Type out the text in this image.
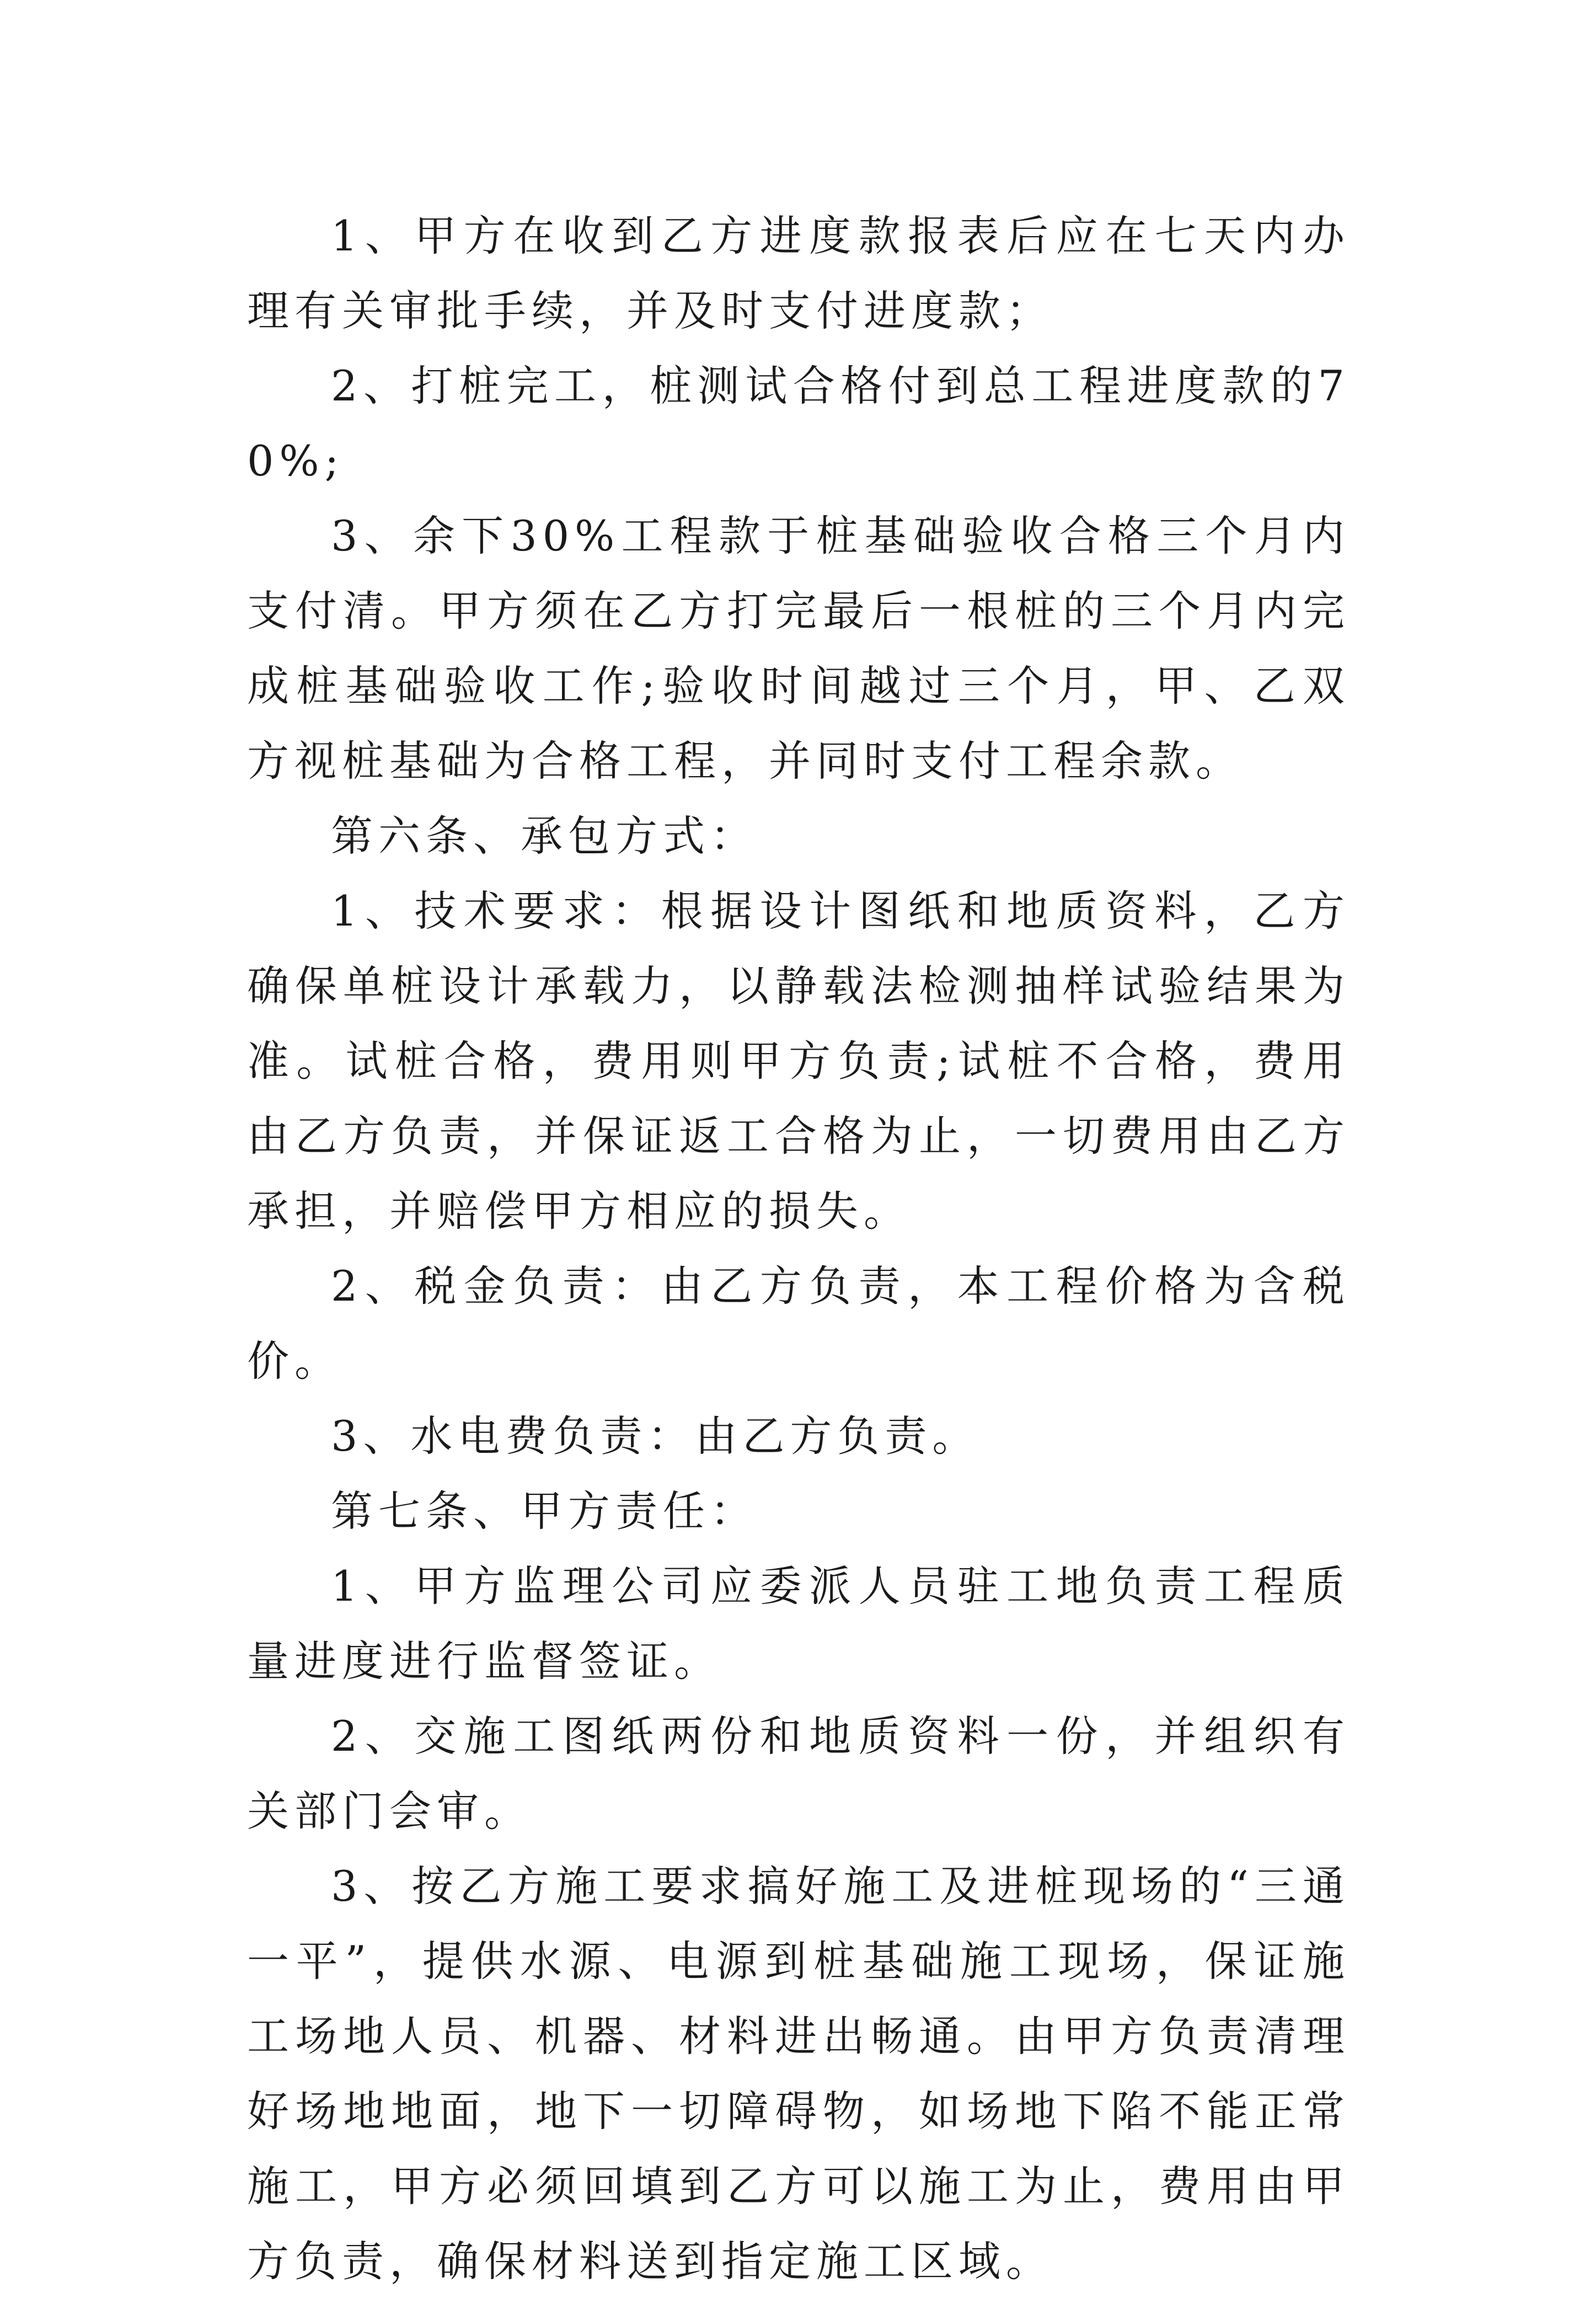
1、甲方在收到乙方进度款报表后应在七天内办理有关审批手续，并及时支付进度款；

2、打桩完工，桩测试合格付到总工程进度款的70%;

3、余下30%工程款于桩基础验收合格三个月内支付清。甲方须在乙方打完最后一根桩的三个月内完成桩基础验收工作;验收时间越过三个月，甲、乙双方视桩基础为合格工程，并同时支付工程余款。

第六条、承包方式：

1、技术要求：根据设计图纸和地质资料，乙方确保单桩设计承载力，以静载法检测抽样试验结果为准。试桩合格，费用则甲方负责;试桩不合格，费用由乙方负责，并保证返工合格为止，一切费用由乙方承担，并赔偿甲方相应的损失。

2、税金负责：由乙方负责，本工程价格为含税价。

3、水电费负责：由乙方负责。

第七条、甲方责任：

1、甲方监理公司应委派人员驻工地负责工程质量进度进行监督签证。

2、交施工图纸两份和地质资料一份，并组织有关部门会审。

3、按乙方施工要求搞好施工及进桩现场的“三通一平”，提供水源、电源到桩基础施工现场，保证施工场地人员、机器、材料进出畅通。由甲方负责清理好场地地面，地下一切障碍物，如场地下陷不能正常施工，甲方必须回填到乙方可以施工为止，费用由甲方负责，确保材料送到指定施工区域。
